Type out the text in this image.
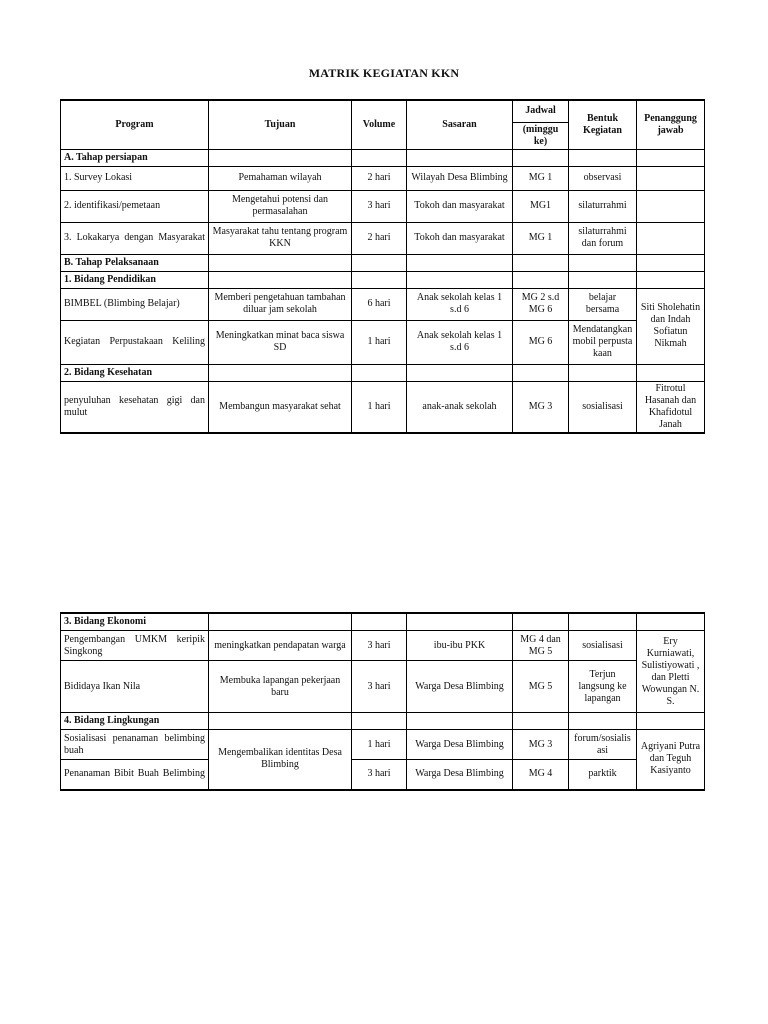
MATRIK KEGIATAN KKN
Program	Tujuan	Volume	Sasaran	Jadwal	Bentuk Kegiatan	Penanggung jawab
				(minggu ke)		
A. Tahap persiapan						
1. Survey Lokasi	Pemahaman wilayah	2 hari	Wilayah Desa Blimbing	MG 1	observasi	
2. identifikasi/pemetaan	Mengetahui potensi dan permasalahan	3 hari	Tokoh dan masyarakat	MG1	silaturrahmi	
3. Lokakarya dengan Masyarakat	Masyarakat tahu tentang program KKN	2 hari	Tokoh dan masyarakat	MG 1	silaturrahmi dan forum	
B. Tahap Pelaksanaan						
1. Bidang Pendidikan						
BIMBEL (Blimbing Belajar)	Memberi pengetahuan tambahan diluar jam sekolah	6 hari	Anak sekolah kelas 1 s.d 6	MG 2 s.d MG 6	belajar bersama	Siti Sholehatin dan Indah Sofiatun Nikmah
Kegiatan Perpustakaan Keliling	Meningkatkan minat baca siswa SD	1 hari	Anak sekolah kelas 1 s.d 6	MG 6	Mendatangkan mobil perpustakaan	
2. Bidang Kesehatan						
penyuluhan kesehatan gigi dan mulut	Membangun masyarakat sehat	1 hari	anak-anak sekolah	MG 3	sosialisasi	Fitrotul Hasanah dan Khafidotul Janah
3. Bidang Ekonomi						
Pengembangan UMKM keripik Singkong	meningkatkan pendapatan warga	3 hari	ibu-ibu PKK	MG 4 dan MG 5	sosialisasi	Ery Kurniawati, Sulistiyowati , dan Pletti Wowungan N. S.
Bididaya Ikan Nila	Membuka lapangan pekerjaan baru	3 hari	Warga Desa Blimbing	MG 5	Terjun langsung ke lapangan	
4. Bidang Lingkungan						
Sosialisasi penanaman belimbing buah	Mengembalikan identitas Desa Blimbing	1 hari	Warga Desa Blimbing	MG 3	forum/sosialisasi	Agriyani Putra dan Teguh Kasiyanto
Penanaman Bibit Buah Belimbing		3 hari	Warga Desa Blimbing	MG 4	parktik	
